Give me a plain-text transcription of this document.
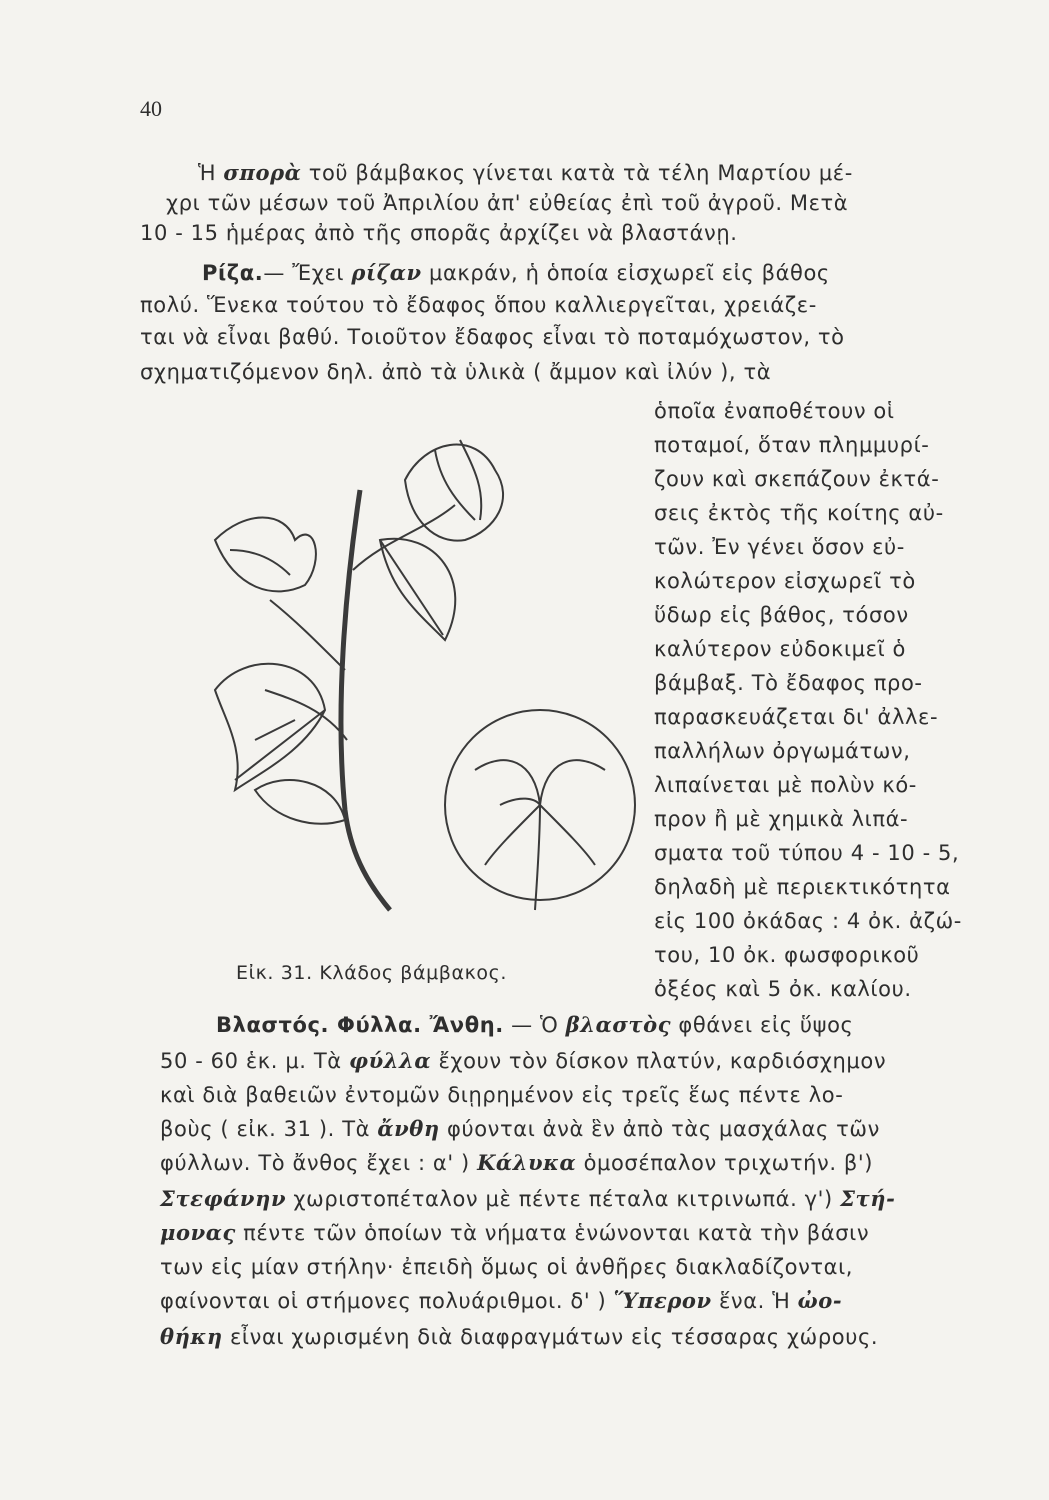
40
Ἡ σπορὰ τοῦ βάμβακος γίνεται κατὰ τὰ τέλη Μαρτίου μέ-
χρι τῶν μέσων τοῦ Ἀπριλίου ἀπ' εὐθείας ἐπὶ τοῦ ἀγροῦ. Μετὰ
10 - 15 ἡμέρας ἀπὸ τῆς σπορᾶς ἀρχίζει νὰ βλαστάνῃ.
Ρίζα.— Ἔχει ρίζαν μακράν, ἡ ὁποία εἰσχωρεῖ εἰς βάθος
πολύ. Ἕνεκα τούτου τὸ ἔδαφος ὅπου καλλιεργεῖται, χρειάζε-
ται νὰ εἶναι βαθύ. Τοιοῦτον ἔδαφος εἶναι τὸ ποταμόχωστον, τὸ
σχηματιζόμενον δηλ. ἀπὸ τὰ ὑλικὰ ( ἄμμον καὶ ἰλύν ), τὰ
ὁποῖα ἐναποθέτουν οἱ
ποταμοί, ὅταν πλημμυρί-
ζουν καὶ σκεπάζουν ἐκτά-
σεις ἐκτὸς τῆς κοίτης αὐ-
τῶν. Ἐν γένει ὅσον εὐ-
κολώτερον εἰσχωρεῖ τὸ
ὕδωρ εἰς βάθος, τόσον
καλύτερον εὐδοκιμεῖ ὁ
βάμβαξ. Τὸ ἔδαφος προ-
παρασκευάζεται δι' ἀλλε-
παλλήλων ὀργωμάτων,
λιπαίνεται μὲ πολὺν κό-
προν ἢ μὲ χημικὰ λιπά-
σματα τοῦ τύπου 4 - 10 - 5,
δηλαδὴ μὲ περιεκτικότητα
εἰς 100 ὀκάδας : 4 ὀκ. ἀζώ-
του, 10 ὀκ. φωσφορικοῦ
ὀξέος καὶ 5 ὀκ. καλίου.
Βλαστός. Φύλλα. Ἄνθη. — Ὁ βλαστὸς φθάνει εἰς ὕψος
50 - 60 ἑκ. μ. Τὰ φύλλα ἔχουν τὸν δίσκον πλατύν, καρδιόσχημον
καὶ διὰ βαθειῶν ἐντομῶν διῃρημένον εἰς τρεῖς ἕως πέντε λο-
βοὺς ( εἰκ. 31 ). Τὰ ἄνθη φύονται ἀνὰ ἓν ἀπὸ τὰς μασχάλας τῶν
φύλλων. Τὸ ἄνθος ἔχει : α' ) Κάλυκα ὁμοσέπαλον τριχωτήν. β')
Στεφάνην χωριστοπέταλον μὲ πέντε πέταλα κιτρινωπά. γ') Στή-
μονας πέντε τῶν ὁποίων τὰ νήματα ἑνώνονται κατὰ τὴν βάσιν
των εἰς μίαν στήλην· ἐπειδὴ ὅμως οἱ ἀνθῆρες διακλαδίζονται,
φαίνονται οἱ στήμονες πολυάριθμοι. δ' ) Ὕπερον ἕνα. Ἡ ὠο-
θήκη εἶναι χωρισμένη διὰ διαφραγμάτων εἰς τέσσαρας χώρους.
Εἰκ. 31. Κλάδος βάμβακος.
